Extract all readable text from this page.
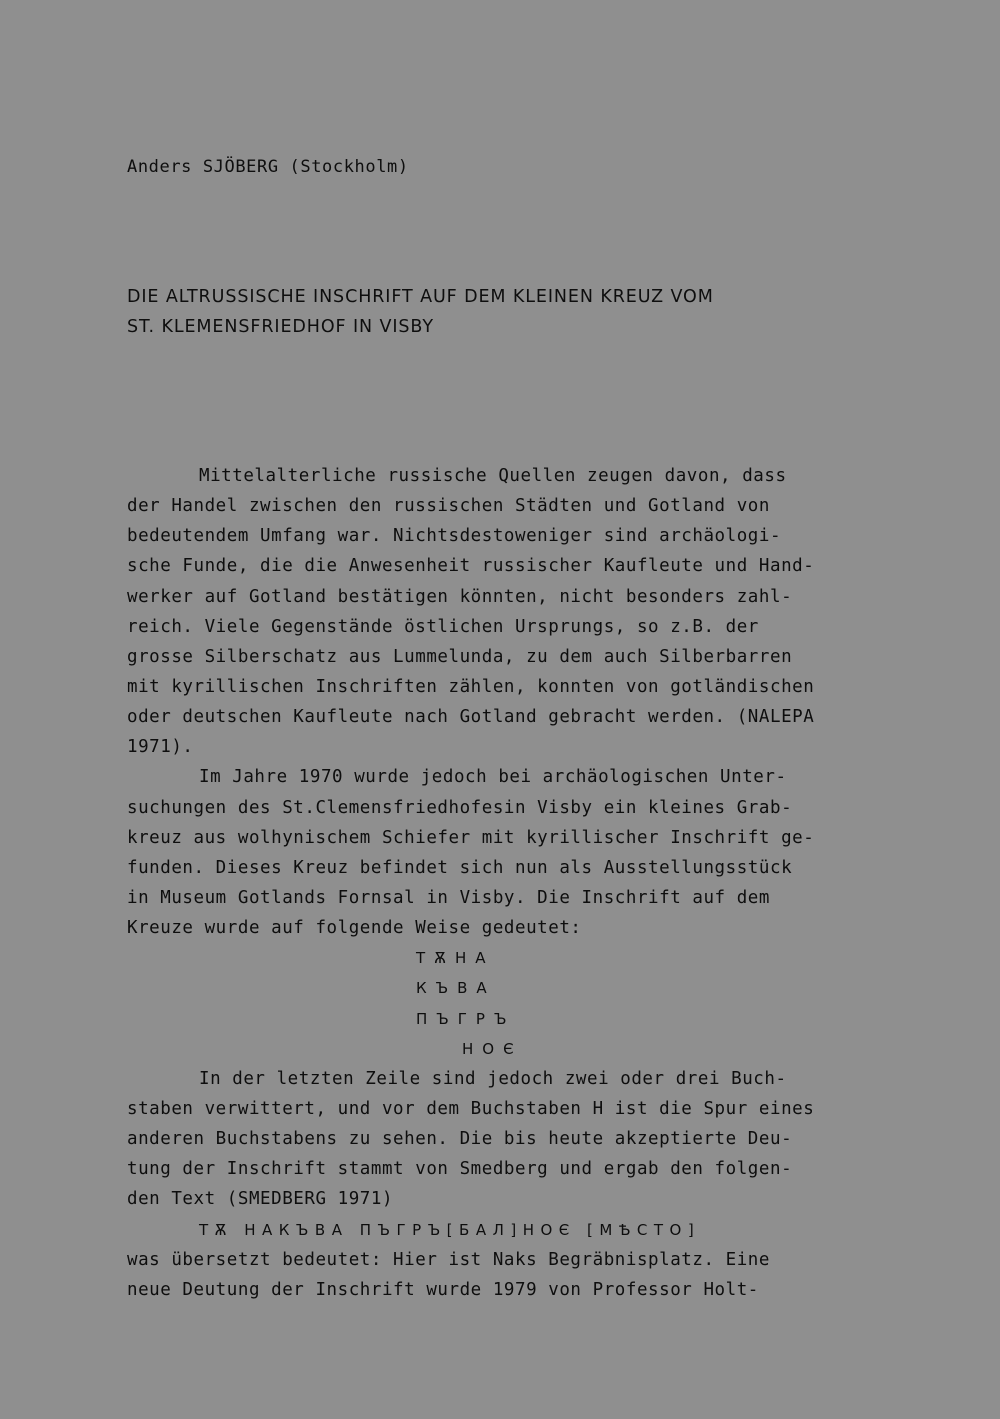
Anders SJÖBERG (Stockholm)
DIE ALTRUSSISCHE INSCHRIFT AUF DEM KLEINEN KREUZ VOM
ST. KLEMENSFRIEDHOF IN VISBY
Mittelalterliche russische Quellen zeugen davon, dass
der Handel zwischen den russischen Städten und Gotland von
bedeutendem Umfang war. Nichtsdestoweniger sind archäologi-
sche Funde, die die Anwesenheit russischer Kaufleute und Hand-
werker auf Gotland bestätigen könnten, nicht besonders zahl-
reich. Viele Gegenstände östlichen Ursprungs, so z.B. der
grosse Silberschatz aus Lummelunda, zu dem auch Silberbarren
mit kyrillischen Inschriften zählen, konnten von gotländischen
oder deutschen Kaufleute nach Gotland gebracht werden. (NALEPA
1971).
Im Jahre 1970 wurde jedoch bei archäologischen Unter-
suchungen des St.Clemensfriedhofesin Visby ein kleines Grab-
kreuz aus wolhynischem Schiefer mit kyrillischer Inschrift ge-
funden. Dieses Kreuz befindet sich nun als Ausstellungsstück
in Museum Gotlands Fornsal in Visby. Die Inschrift auf dem
Kreuze wurde auf folgende Weise gedeutet:
ТѪНА
КЪВА
ПЪГРЪ
НОЄ
In der letzten Zeile sind jedoch zwei oder drei Buch-
staben verwittert, und vor dem Buchstaben Н ist die Spur eines
anderen Buchstabens zu sehen. Die bis heute akzeptierte Deu-
tung der Inschrift stammt von Smedberg und ergab den folgen-
den Text (SMEDBERG 1971)
ТѪ НАКЪВА ПЪГРЪ[БАЛ]НОЄ [МѢСТО]
was übersetzt bedeutet: Hier ist Naks Begräbnisplatz. Eine
neue Deutung der Inschrift wurde 1979 von Professor Holt-
